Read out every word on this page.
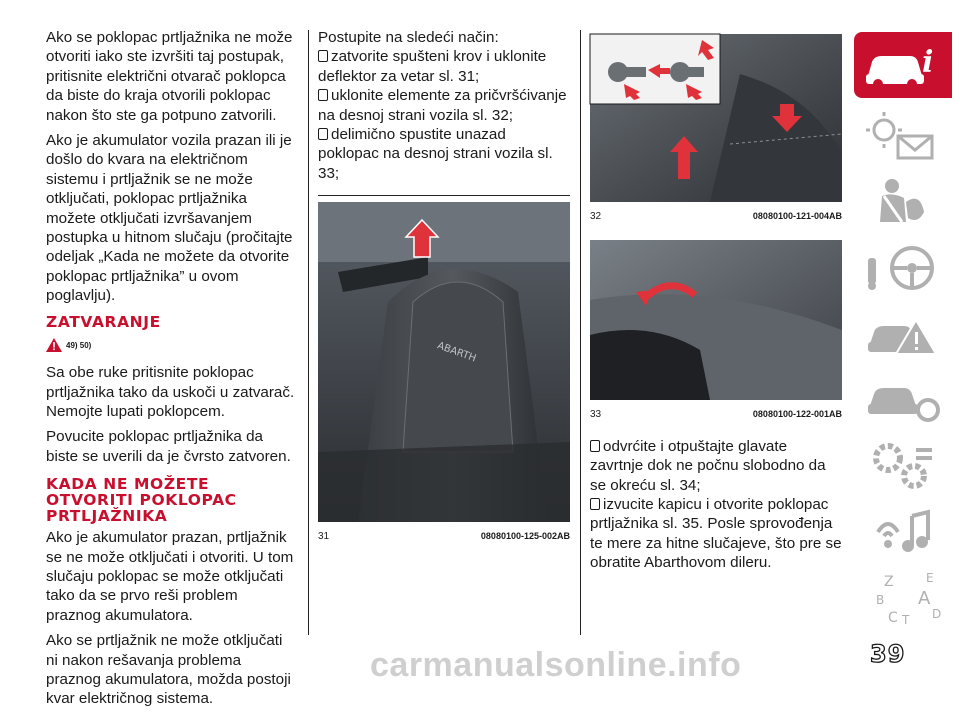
Ako se poklopac prtljažnika ne može otvoriti iako ste izvršiti taj postupak, pritisnite električni otvarač poklopca da biste do kraja otvorili poklopac nakon što ste ga potpuno zatvorili.

Ako je akumulator vozila prazan ili je došlo do kvara na električnom sistemu i prtljažnik se ne može otključati, poklopac prtljažnika možete otključati izvršavanjem postupka u hitnom slučaju (pročitajte odeljak „Kada ne možete da otvorite poklopac prtljažnika” u ovom poglavlju).

ZATVARANJE
49) 50)

Sa obe ruke pritisnite poklopac prtljažnika tako da uskoči u zatvarač. Nemojte lupati poklopcem.

Povucite poklopac prtljažnika da biste se uverili da je čvrsto zatvoren.

KADA NE MOŽETE OTVORITI POKLOPAC PRTLJAŽNIKA

Ako je akumulator prazan, prtljažnik se ne može otključati i otvoriti. U tom slučaju poklopac se može otključati tako da se prvo reši problem praznog akumulatora.

Ako se prtljažnik ne može otključati ni nakon rešavanja problema praznog akumulatora, možda postoji kvar električnog sistema.

Postupite na sledeći način:
zatvorite spušteni krov i uklonite deflektor za vetar sl. 31;
uklonite elemente za pričvršćivanje na desnoj strani vozila sl. 32;
delimično spustite unazad poklopac na desnoj strani vozila sl. 33;
ABARTH
31	08080100-125-002AB
32	08080100-121-004AB
33	08080100-122-001AB
odvrćite i otpuštajte glavate zavrtnje dok ne počnu slobodno da se okreću sl. 34;
izvucite kapicu i otvorite poklopac prtljažnika sl. 35. Posle sprovođenja te mere za hitne slučajeve, što pre se obratite Abarthovom dileru.
i
Z	E
B A
C T D
carmanualsonline.info	39
